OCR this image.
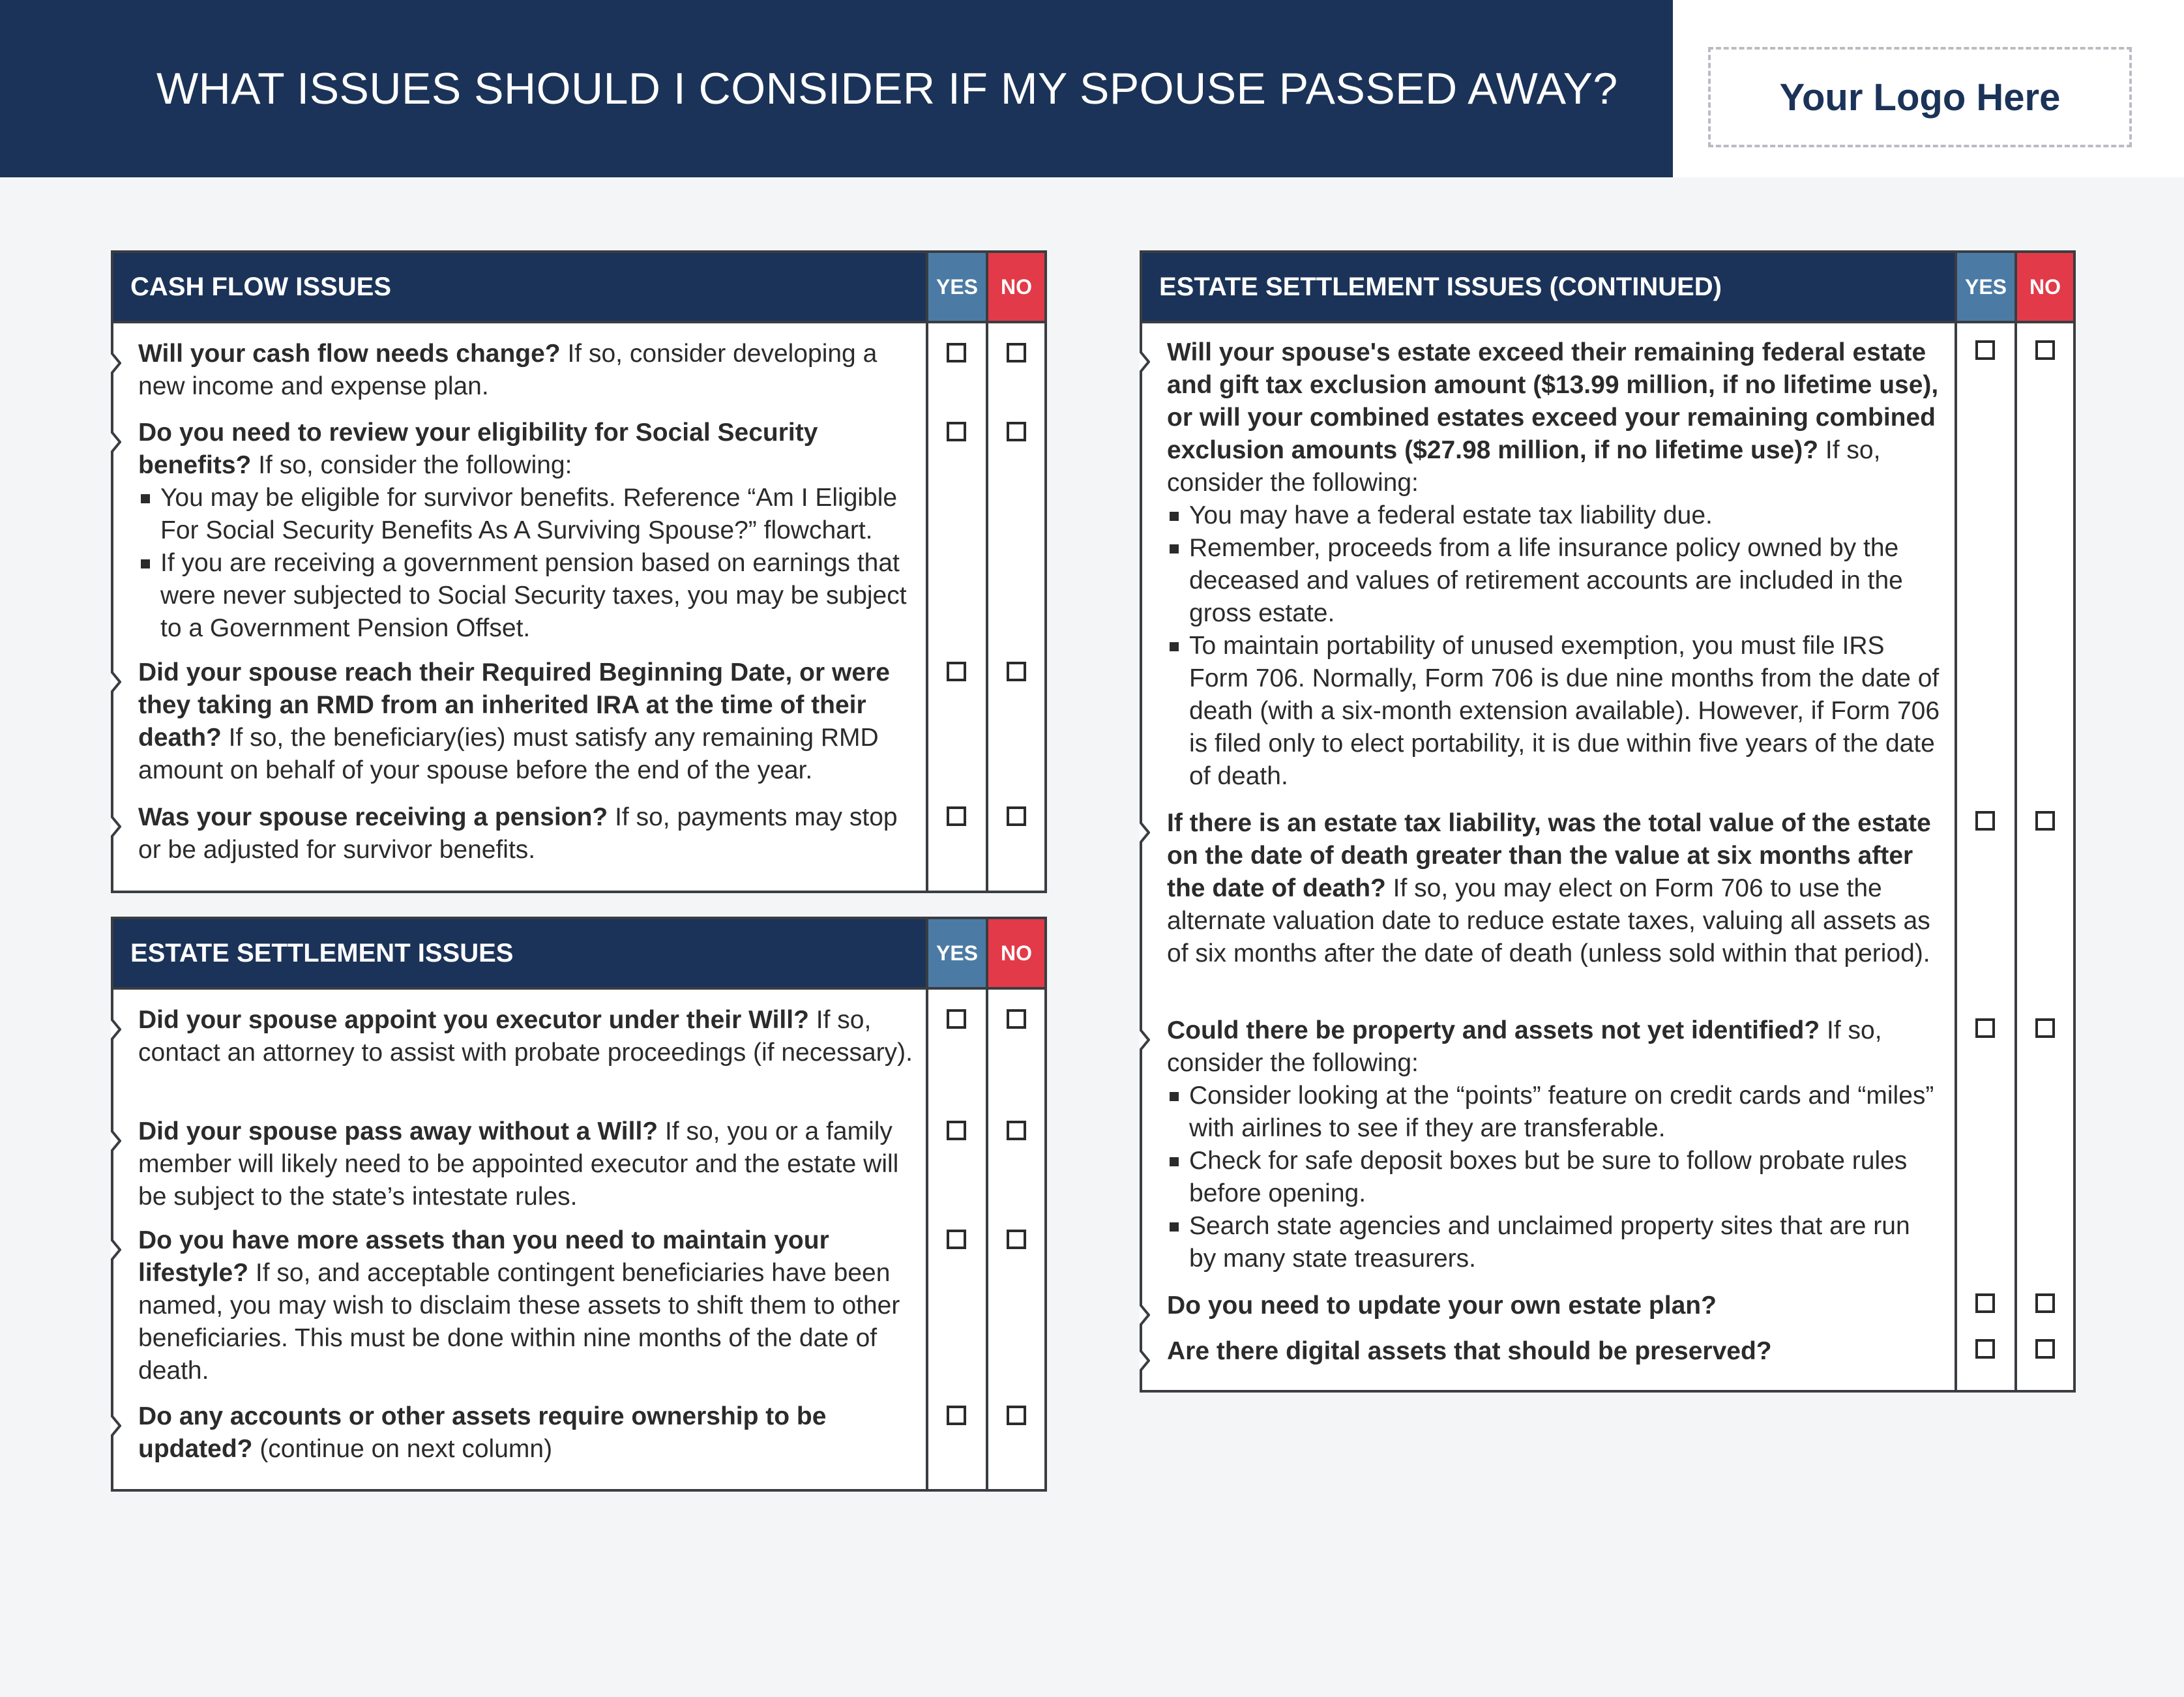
WHAT ISSUES SHOULD I CONSIDER IF MY SPOUSE PASSED AWAY?	Your Logo Here
CASH FLOW ISSUES	YES	NO
Will your cash flow needs change? If so, consider developing a new income and expense plan.
Do you need to review your eligibility for Social Security benefits? If so, consider the following:
You may be eligible for survivor benefits. Reference “Am I Eligible For Social Security Benefits As A Surviving Spouse?” flowchart.
If you are receiving a government pension based on earnings that were never subjected to Social Security taxes, you may be subject to a Government Pension Offset.
Did your spouse reach their Required Beginning Date, or were they taking an RMD from an inherited IRA at the time of their death? If so, the beneficiary(ies) must satisfy any remaining RMD amount on behalf of your spouse before the end of the year.
Was your spouse receiving a pension? If so, payments may stop or be adjusted for survivor benefits.
ESTATE SETTLEMENT ISSUES	YES	NO
Did your spouse appoint you executor under their Will? If so, contact an attorney to assist with probate proceedings (if necessary).
Did your spouse pass away without a Will? If so, you or a family member will likely need to be appointed executor and the estate will be subject to the state’s intestate rules.
Do you have more assets than you need to maintain your lifestyle? If so, and acceptable contingent beneficiaries have been named, you may wish to disclaim these assets to shift them to other beneficiaries. This must be done within nine months of the date of death.
Do any accounts or other assets require ownership to be updated? (continue on next column)
ESTATE SETTLEMENT ISSUES (CONTINUED)	YES	NO
Will your spouse's estate exceed their remaining federal estate and gift tax exclusion amount ($13.99 million, if no lifetime use), or will your combined estates exceed your remaining combined exclusion amounts ($27.98 million, if no lifetime use)? If so, consider the following:
You may have a federal estate tax liability due.
Remember, proceeds from a life insurance policy owned by the deceased and values of retirement accounts are included in the gross estate.
To maintain portability of unused exemption, you must file IRS Form 706. Normally, Form 706 is due nine months from the date of death (with a six-month extension available). However, if Form 706 is filed only to elect portability, it is due within five years of the date of death.
If there is an estate tax liability, was the total value of the estate on the date of death greater than the value at six months after the date of death? If so, you may elect on Form 706 to use the alternate valuation date to reduce estate taxes, valuing all assets as of six months after the date of death (unless sold within that period).
Could there be property and assets not yet identified? If so, consider the following:
Consider looking at the “points” feature on credit cards and “miles” with airlines to see if they are transferable.
Check for safe deposit boxes but be sure to follow probate rules before opening.
Search state agencies and unclaimed property sites that are run by many state treasurers.
Do you need to update your own estate plan?
Are there digital assets that should be preserved?
